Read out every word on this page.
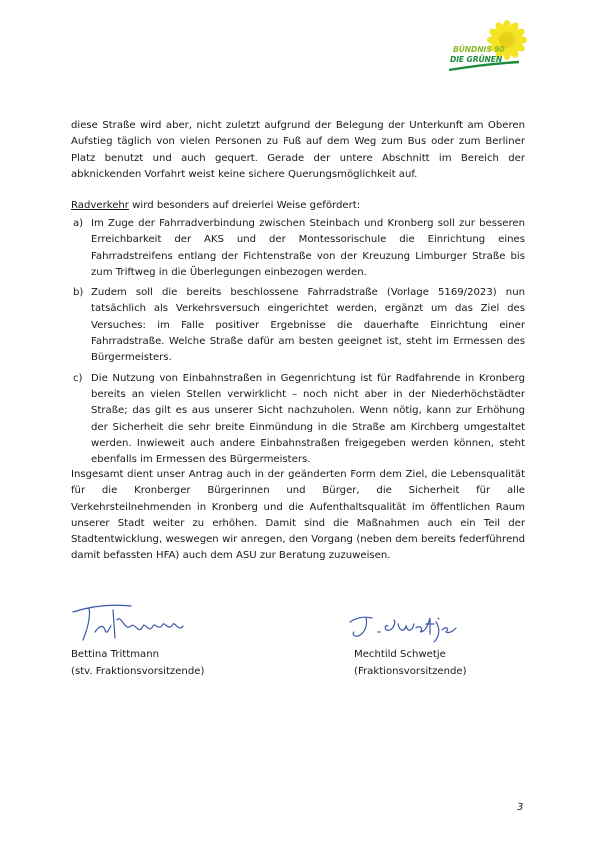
BÜNDNIS 90
DIE GRÜNEN

diese Straße wird aber, nicht zuletzt aufgrund der Belegung der Unterkunft am Oberen Aufstieg täglich von vielen Personen zu Fuß auf dem Weg zum Bus oder zum Berliner Platz benutzt und auch gequert. Gerade der untere Abschnitt im Bereich der abknickenden Vorfahrt weist keine sichere Querungsmöglichkeit auf.

Radverkehr wird besonders auf dreierlei Weise gefördert:

a) Im Zuge der Fahrradverbindung zwischen Steinbach und Kronberg soll zur besseren Erreichbarkeit der AKS und der Montessorischule die Einrichtung eines Fahrradstreifens entlang der Fichtenstraße von der Kreuzung Limburger Straße bis zum Triftweg in die Überlegungen einbezogen werden.
b) Zudem soll die bereits beschlossene Fahrradstraße (Vorlage 5169/2023) nun tatsächlich als Verkehrsversuch eingerichtet werden, ergänzt um das Ziel des Versuches: im Falle positiver Ergebnisse die dauerhafte Einrichtung einer Fahrradstraße. Welche Straße dafür am besten geeignet ist, steht im Ermessen des Bürgermeisters.
c) Die Nutzung von Einbahnstraßen in Gegenrichtung ist für Radfahrende in Kronberg bereits an vielen Stellen verwirklicht – noch nicht aber in der Niederhöchstädter Straße; das gilt es aus unserer Sicht nachzuholen. Wenn nötig, kann zur Erhöhung der Sicherheit die sehr breite Einmündung in die Straße am Kirchberg umgestaltet werden. Inwieweit auch andere Einbahnstraßen freigegeben werden können, steht ebenfalls im Ermessen des Bürgermeisters.

Insgesamt dient unser Antrag auch in der geänderten Form dem Ziel, die Lebensqualität für die Kronberger Bürgerinnen und Bürger, die Sicherheit für alle Verkehrsteilnehmenden in Kronberg und die Aufenthaltsqualität im öffentlichen Raum unserer Stadt weiter zu erhöhen. Damit sind die Maßnahmen auch ein Teil der Stadtentwicklung, weswegen wir anregen, den Vorgang (neben dem bereits federführend damit befassten HFA) auch dem ASU zur Beratung zuzuweisen.

Bettina Trittmann
(stv. Fraktionsvorsitzende)
Mechtild Schwetje
(Fraktionsvorsitzende)
3
